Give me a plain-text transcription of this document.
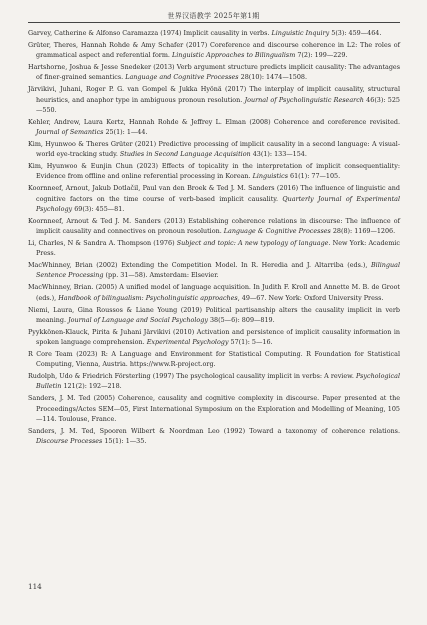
世界汉语教学 2025年第1期

Garvey, Catherine & Alfonso Caramazza (1974) Implicit causality in verbs. Linguistic Inquiry 5(3): 459—464.

Grüter, Theres, Hannah Rohde & Amy Schafer (2017) Coreference and discourse coherence in L2: The roles of grammatical aspect and referential form. Linguistic Approaches to Bilingualism 7(2): 199—229.

Hartshorne, Joshua & Jesse Snedeker (2013) Verb argument structure predicts implicit causality: The advantages of finer-grained semantics. Language and Cognitive Processes 28(10): 1474—1508.

Järvikivi, Juhani, Roger P. G. van Gompel & Jukka Hyönä (2017) The interplay of implicit causality, structural heuristics, and anaphor type in ambiguous pronoun resolution. Journal of Psycholinguistic Research 46(3): 525—550.

Kehler, Andrew, Laura Kertz, Hannah Rohde & Jeffrey L. Elman (2008) Coherence and coreference revisited. Journal of Semantics 25(1): 1—44.

Kim, Hyunwoo & Theres Grüter (2021) Predictive processing of implicit causality in a second language: A visual-world eye-tracking study. Studies in Second Language Acquisition 43(1): 133—154.

Kim, Hyunwoo & Eunjin Chun (2023) Effects of topicality in the interpretation of implicit consequentiality: Evidence from offline and online referential processing in Korean. Linguistics 61(1): 77—105.

Koornneef, Arnout, Jakub Dotlačil, Paul van den Broek & Ted J. M. Sanders (2016) The influence of linguistic and cognitive factors on the time course of verb-based implicit causality. Quarterly Journal of Experimental Psychology 69(3): 455—81.

Koornneef, Arnout & Ted J. M. Sanders (2013) Establishing coherence relations in discourse: The influence of implicit causality and connectives on pronoun resolution. Language & Cognitive Processes 28(8): 1169—1206.

Li, Charles, N & Sandra A. Thompson (1976) Subject and topic: A new typology of language. New York: Academic Press.

MacWhinney, Brian (2002) Extending the Competition Model. In R. Heredia and J. Altarriba (eds.), Bilingual Sentence Processing (pp. 31—58). Amsterdam: Elsevier.

MacWhinney, Brian. (2005) A unified model of language acquisition. In Judith F. Kroll and Annette M. B. de Groot (eds.), Handbook of bilingualism: Psycholinguistic approaches, 49—67. New York: Oxford University Press.

Niemi, Laura, Gina Roussos & Liane Young (2019) Political partisanship alters the causality implicit in verb meaning. Journal of Language and Social Psychology 38(5—6): 809—819.

Pyykkönen-Klauck, Pirita & Juhani Järvikivi (2010) Activation and persistence of implicit causality information in spoken language comprehension. Experimental Psychology 57(1): 5—16.

R Core Team (2023) R: A Language and Environment for Statistical Computing. R Foundation for Statistical Computing, Vienna, Austria. https://www.R-project.org.

Rudolph, Udo & Friedrich Försterling (1997) The psychological causality implicit in verbs: A review. Psychological Bulletin 121(2): 192—218.

Sanders, J. M. Ted (2005) Coherence, causality and cognitive complexity in discourse. Paper presented at the Proceedings/Actes SEM—05, First International Symposium on the Exploration and Modelling of Meaning, 105—114. Toulouse, France.

Sanders, J. M. Ted, Spooren Wilbert & Noordman Leo (1992) Toward a taxonomy of coherence relations. Discourse Processes 15(1): 1—35.

114
